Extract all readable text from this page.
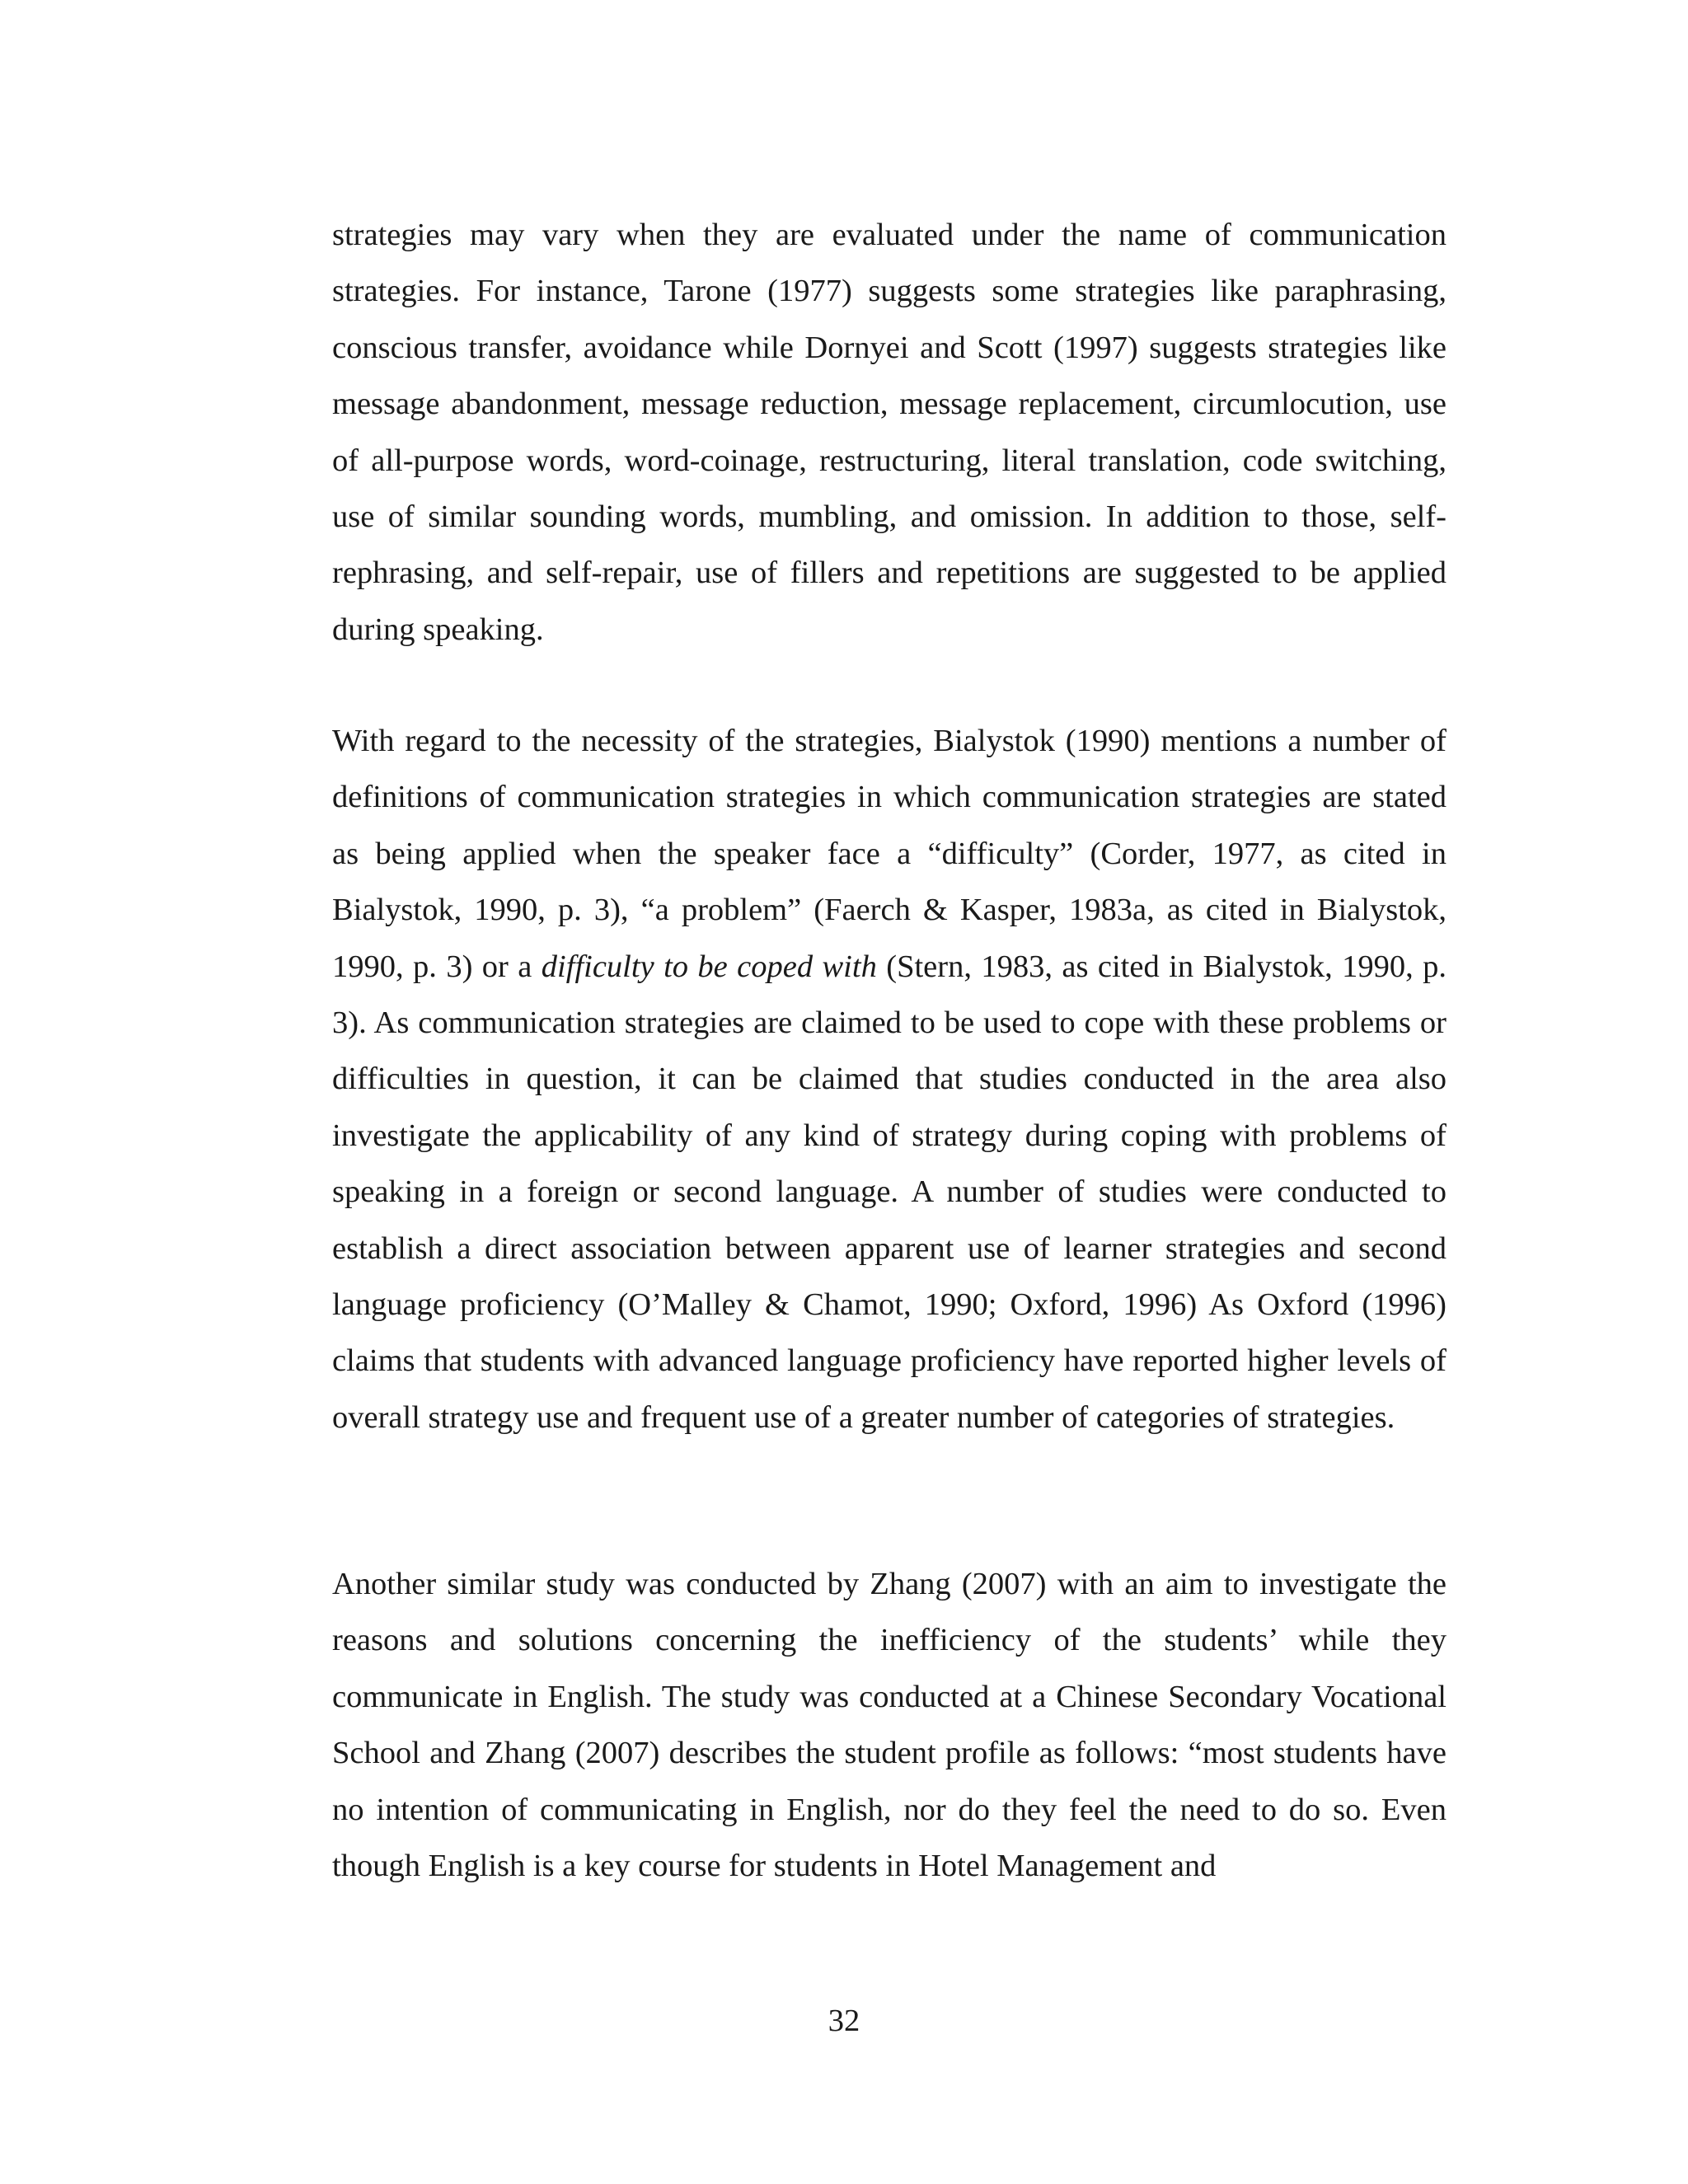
strategies may vary when they are evaluated under the name of communication strategies. For instance, Tarone (1977) suggests some strategies like paraphrasing, conscious transfer, avoidance while Dornyei and Scott (1997) suggests strategies like message abandonment, message reduction, message replacement, circumlocution, use of all-purpose words, word-coinage, restructuring, literal translation, code switching, use of similar sounding words, mumbling, and omission. In addition to those, self-rephrasing, and self-repair, use of fillers and repetitions are suggested to be applied during speaking.

With regard to the necessity of the strategies, Bialystok (1990) mentions a number of definitions of communication strategies in which communication strategies are stated as being applied when the speaker face a “difficulty” (Corder, 1977, as cited in Bialystok, 1990, p. 3), “a problem” (Faerch & Kasper, 1983a, as cited in Bialystok, 1990, p. 3) or a difficulty to be coped with (Stern, 1983, as cited in Bialystok, 1990, p. 3). As communication strategies are claimed to be used to cope with these problems or difficulties in question, it can be claimed that studies conducted in the area also investigate the applicability of any kind of strategy during coping with problems of speaking in a foreign or second language. A number of studies were conducted to establish a direct association between apparent use of learner strategies and second language proficiency (O’Malley & Chamot, 1990; Oxford, 1996) As Oxford (1996) claims that students with advanced language proficiency have reported higher levels of overall strategy use and frequent use of a greater number of categories of strategies.

Another similar study was conducted by Zhang (2007) with an aim to investigate the reasons and solutions concerning the inefficiency of the students’ while they communicate in English. The study was conducted at a Chinese Secondary Vocational School and Zhang (2007) describes the student profile as follows: “most students have no intention of communicating in English, nor do they feel the need to do so. Even though English is a key course for students in Hotel Management and

32
